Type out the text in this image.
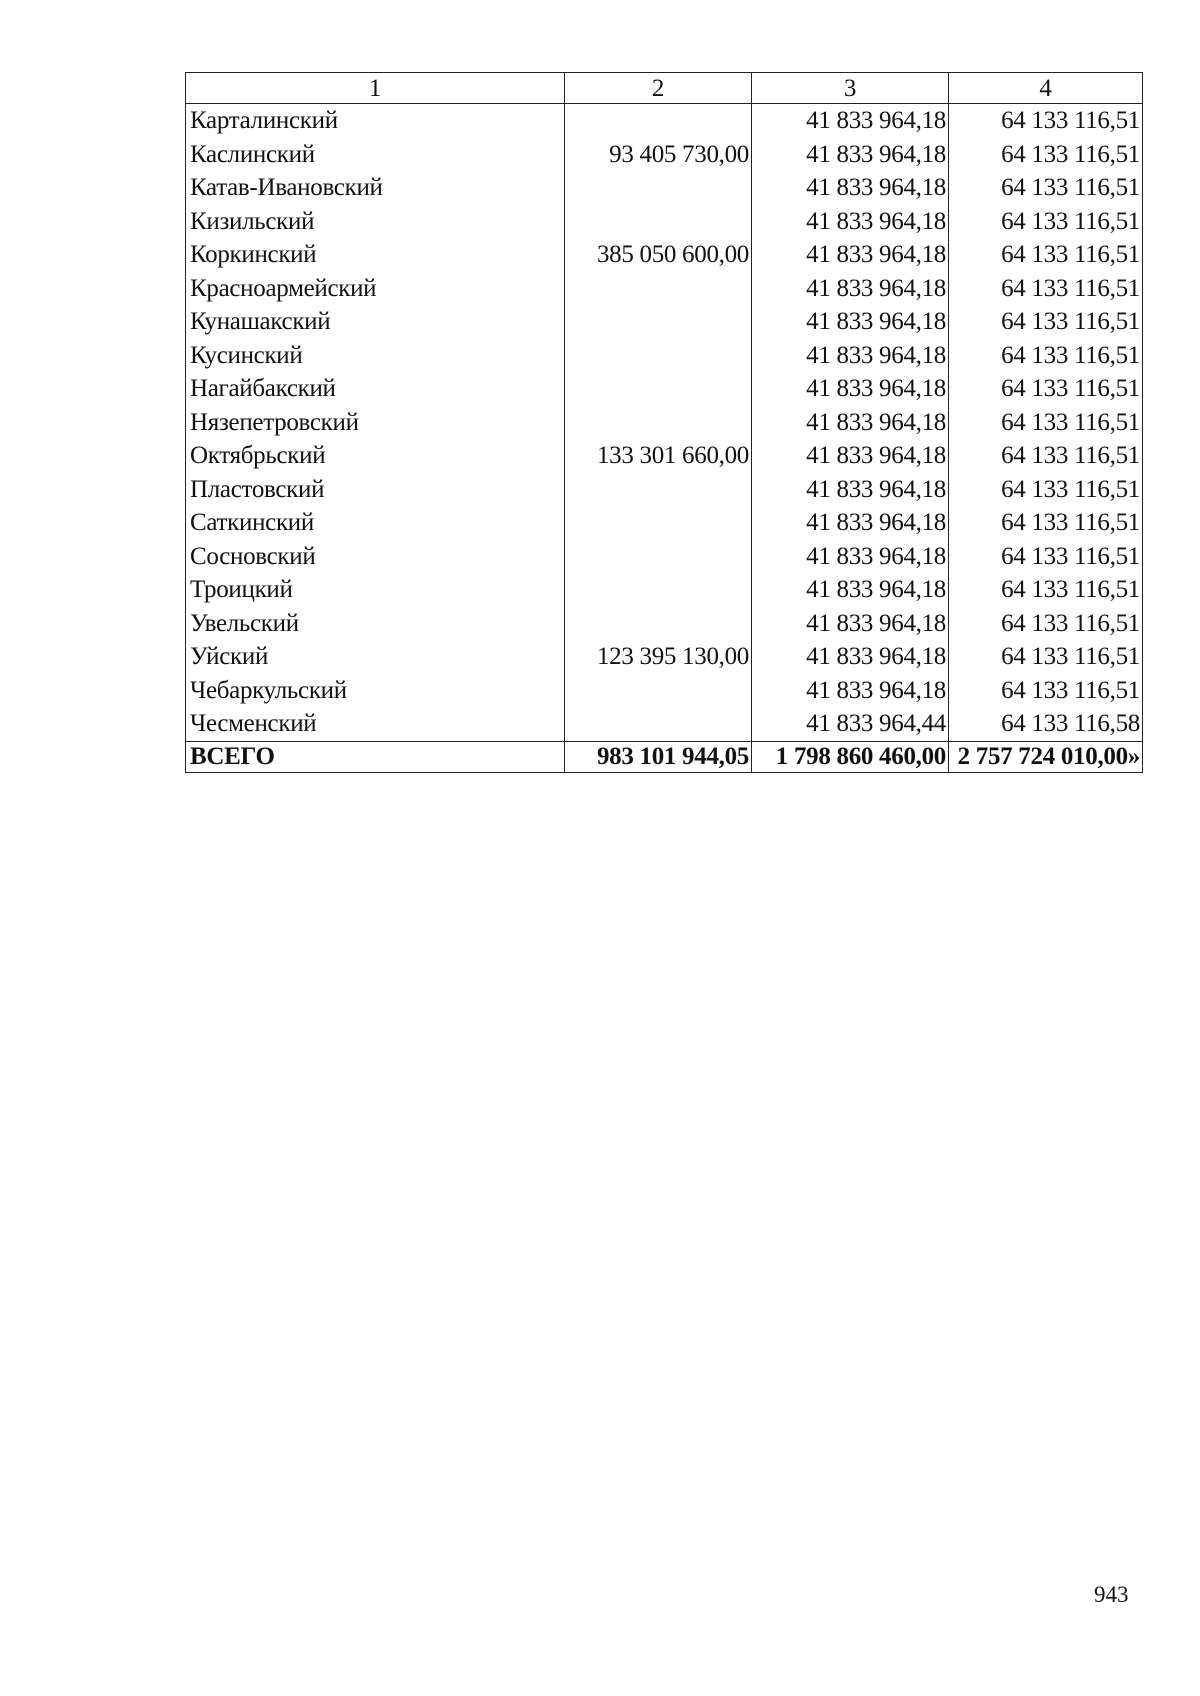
1	2	3	4
Карталинский		41 833 964,18	64 133 116,51
Каслинский	93 405 730,00	41 833 964,18	64 133 116,51
Катав-Ивановский		41 833 964,18	64 133 116,51
Кизильский		41 833 964,18	64 133 116,51
Коркинский	385 050 600,00	41 833 964,18	64 133 116,51
Красноармейский		41 833 964,18	64 133 116,51
Кунашакский		41 833 964,18	64 133 116,51
Кусинский		41 833 964,18	64 133 116,51
Нагайбакский		41 833 964,18	64 133 116,51
Нязепетровский		41 833 964,18	64 133 116,51
Октябрьский	133 301 660,00	41 833 964,18	64 133 116,51
Пластовский		41 833 964,18	64 133 116,51
Саткинский		41 833 964,18	64 133 116,51
Сосновский		41 833 964,18	64 133 116,51
Троицкий		41 833 964,18	64 133 116,51
Увельский		41 833 964,18	64 133 116,51
Уйский	123 395 130,00	41 833 964,18	64 133 116,51
Чебаркульский		41 833 964,18	64 133 116,51
Чесменский		41 833 964,44	64 133 116,58
ВСЕГО	983 101 944,05	1 798 860 460,00	2 757 724 010,00»
943
